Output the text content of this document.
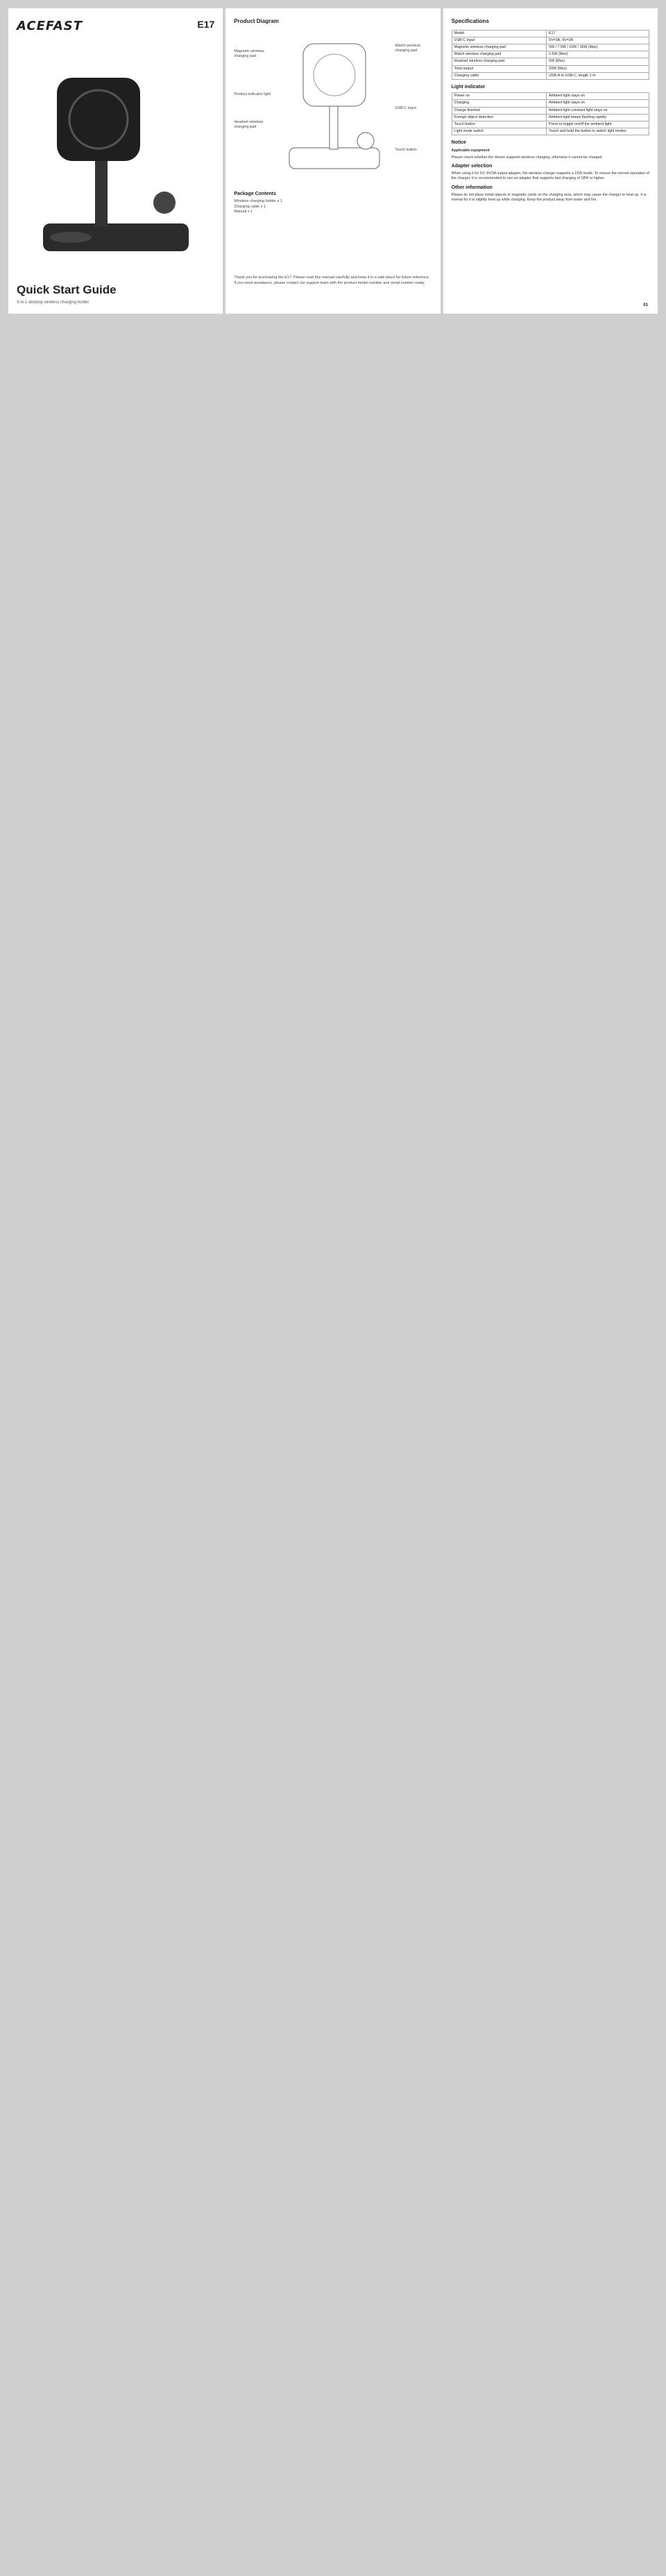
ACEFAST	E17
Quick Start Guide
3-in-1 desktop wireless charging holder
Product Diagram
Magnetic wireless charging pad
Watch wireless charging pad
Product indicator light
Headset wireless charging pad
USB-C input
Touch button
Package Contents
Wireless charging holder x 1
Charging cable x 1
Manual x 1
Thank you for purchasing the E17. Please read this manual carefully and keep it in a safe place for future reference. If you need assistance, please contact our support team with the product model number and serial number ready.
Specifications
Model	E17
USB-C input	5V=3A, 9V=3A
Magnetic wireless charging pad	5W / 7.5W / 10W / 15W (Max)
Watch wireless charging pad	2.5W (Max)
Headset wireless charging pad	5W (Max)
Total output	20W (Max)
Charging cable	USB-A to USB-C, length 1 m
Light indicator
Power on	Ambient light stays on
Charging	Ambient light stays on
Charge finished	Ambient light constant light stays on
Foreign object detection	Ambient light keeps flashing rapidly
Touch button	Press to toggle on/off the ambient light
Light mode switch	Touch and hold the button to switch light modes
Notice
Applicable equipment
Please check whether the device supports wireless charging, otherwise it cannot be charged.
Adapter selection
When using it for 5V, 9V/3A output adapter, the wireless charger supports a 15W mode. To ensure the normal operation of the charger, it is recommended to use an adapter that supports fast charging of 18W or higher.
Other information
Please do not place metal objects or magnetic cards on the charging area, which may cause the charger to heat up. It is normal for it to slightly heat up while charging. Keep the product away from water and fire.
01
